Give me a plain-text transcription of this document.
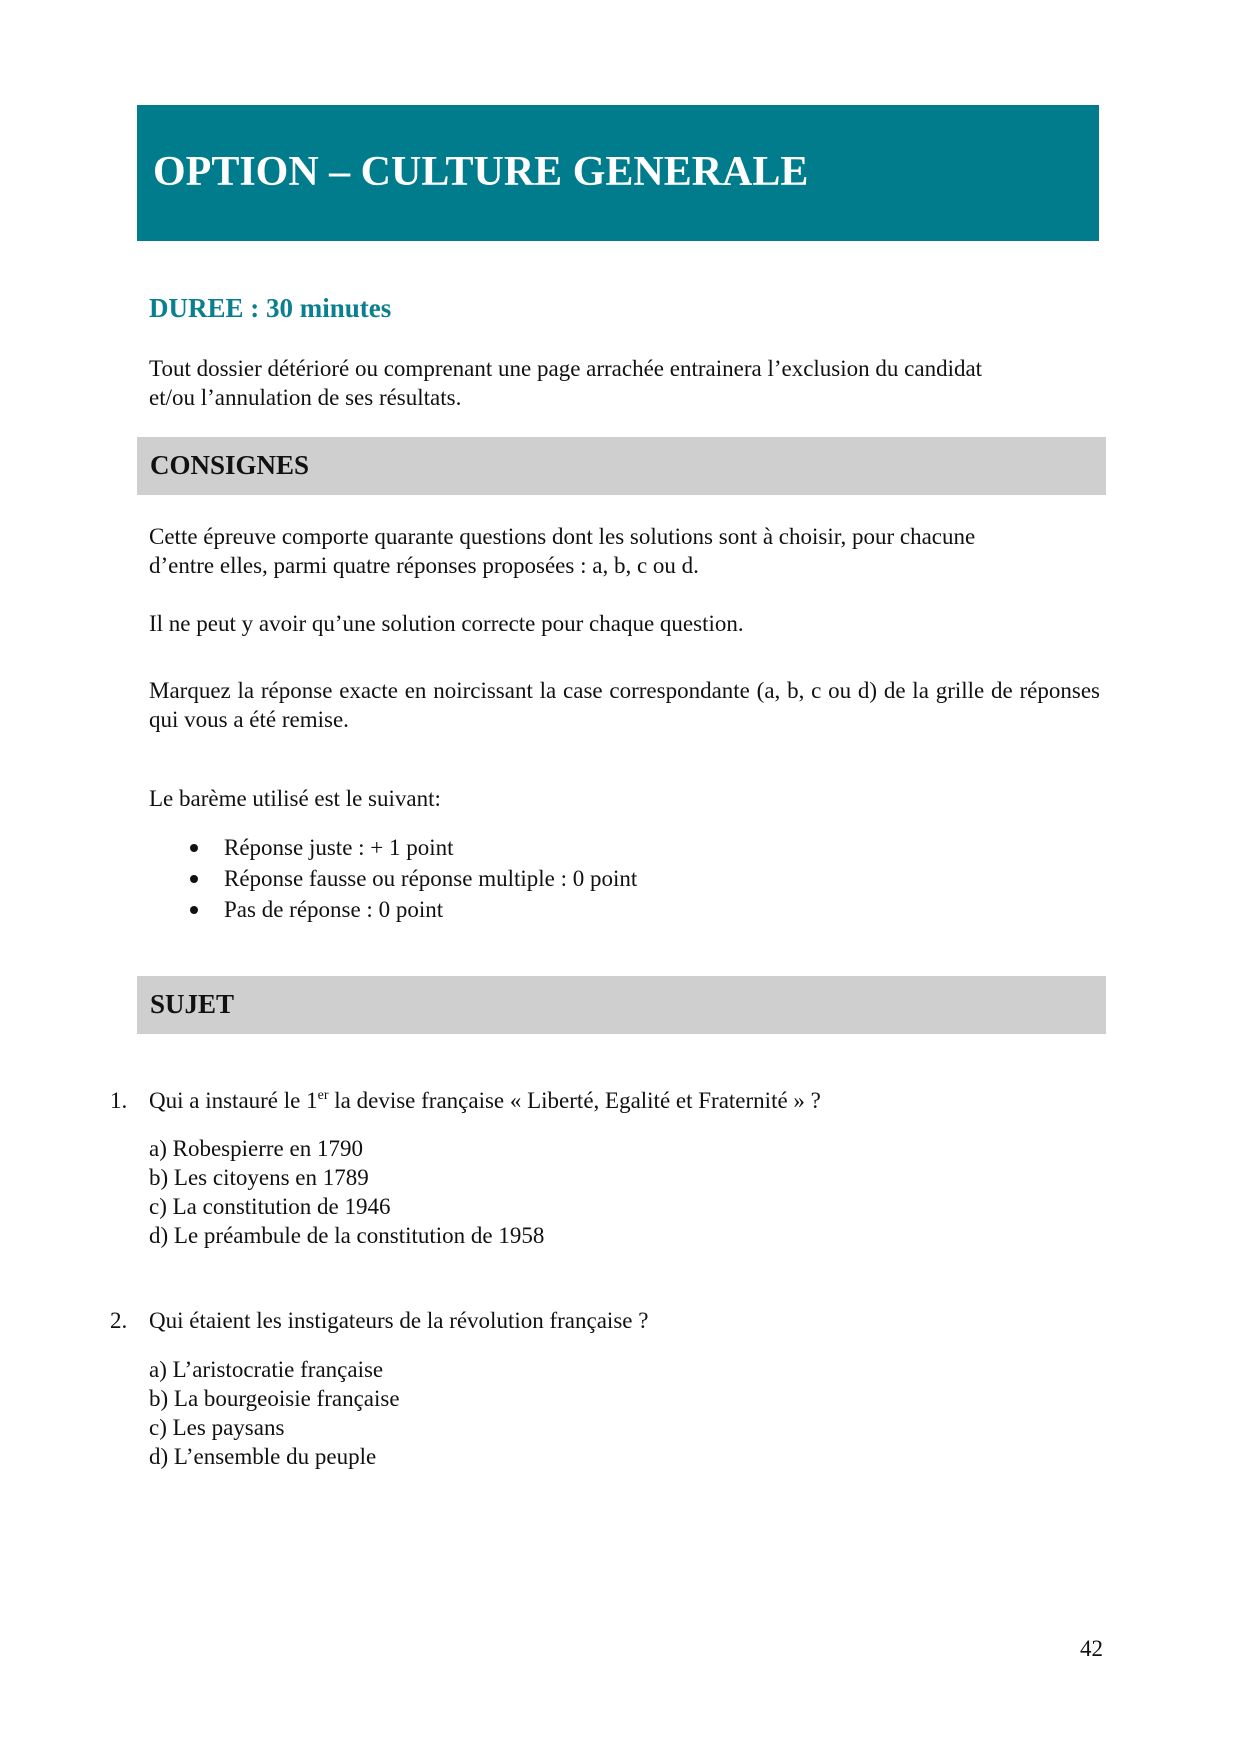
OPTION – CULTURE GENERALE
DUREE : 30 minutes
Tout dossier détérioré ou comprenant une page arrachée entrainera l’exclusion du candidat
et/ou l’annulation de ses résultats.
CONSIGNES
Cette épreuve comporte quarante questions dont les solutions sont à choisir, pour chacune
d’entre elles, parmi quatre réponses proposées : a, b, c ou d.
Il ne peut y avoir qu’une solution correcte pour chaque question.
Marquez la réponse exacte en noircissant la case correspondante (a, b, c ou d) de la grille de réponses qui vous a été remise.
Le barème utilisé est le suivant:
Réponse juste : + 1 point
Réponse fausse ou réponse multiple : 0 point
Pas de réponse : 0 point
SUJET
1. Qui a instauré le 1er la devise française « Liberté, Egalité et Fraternité » ?
a) Robespierre en 1790
b) Les citoyens en 1789
c) La constitution de 1946
d) Le préambule de la constitution de 1958
2. Qui étaient les instigateurs de la révolution française ?
a) L’aristocratie française
b) La bourgeoisie française
c) Les paysans
d) L’ensemble du peuple
42
